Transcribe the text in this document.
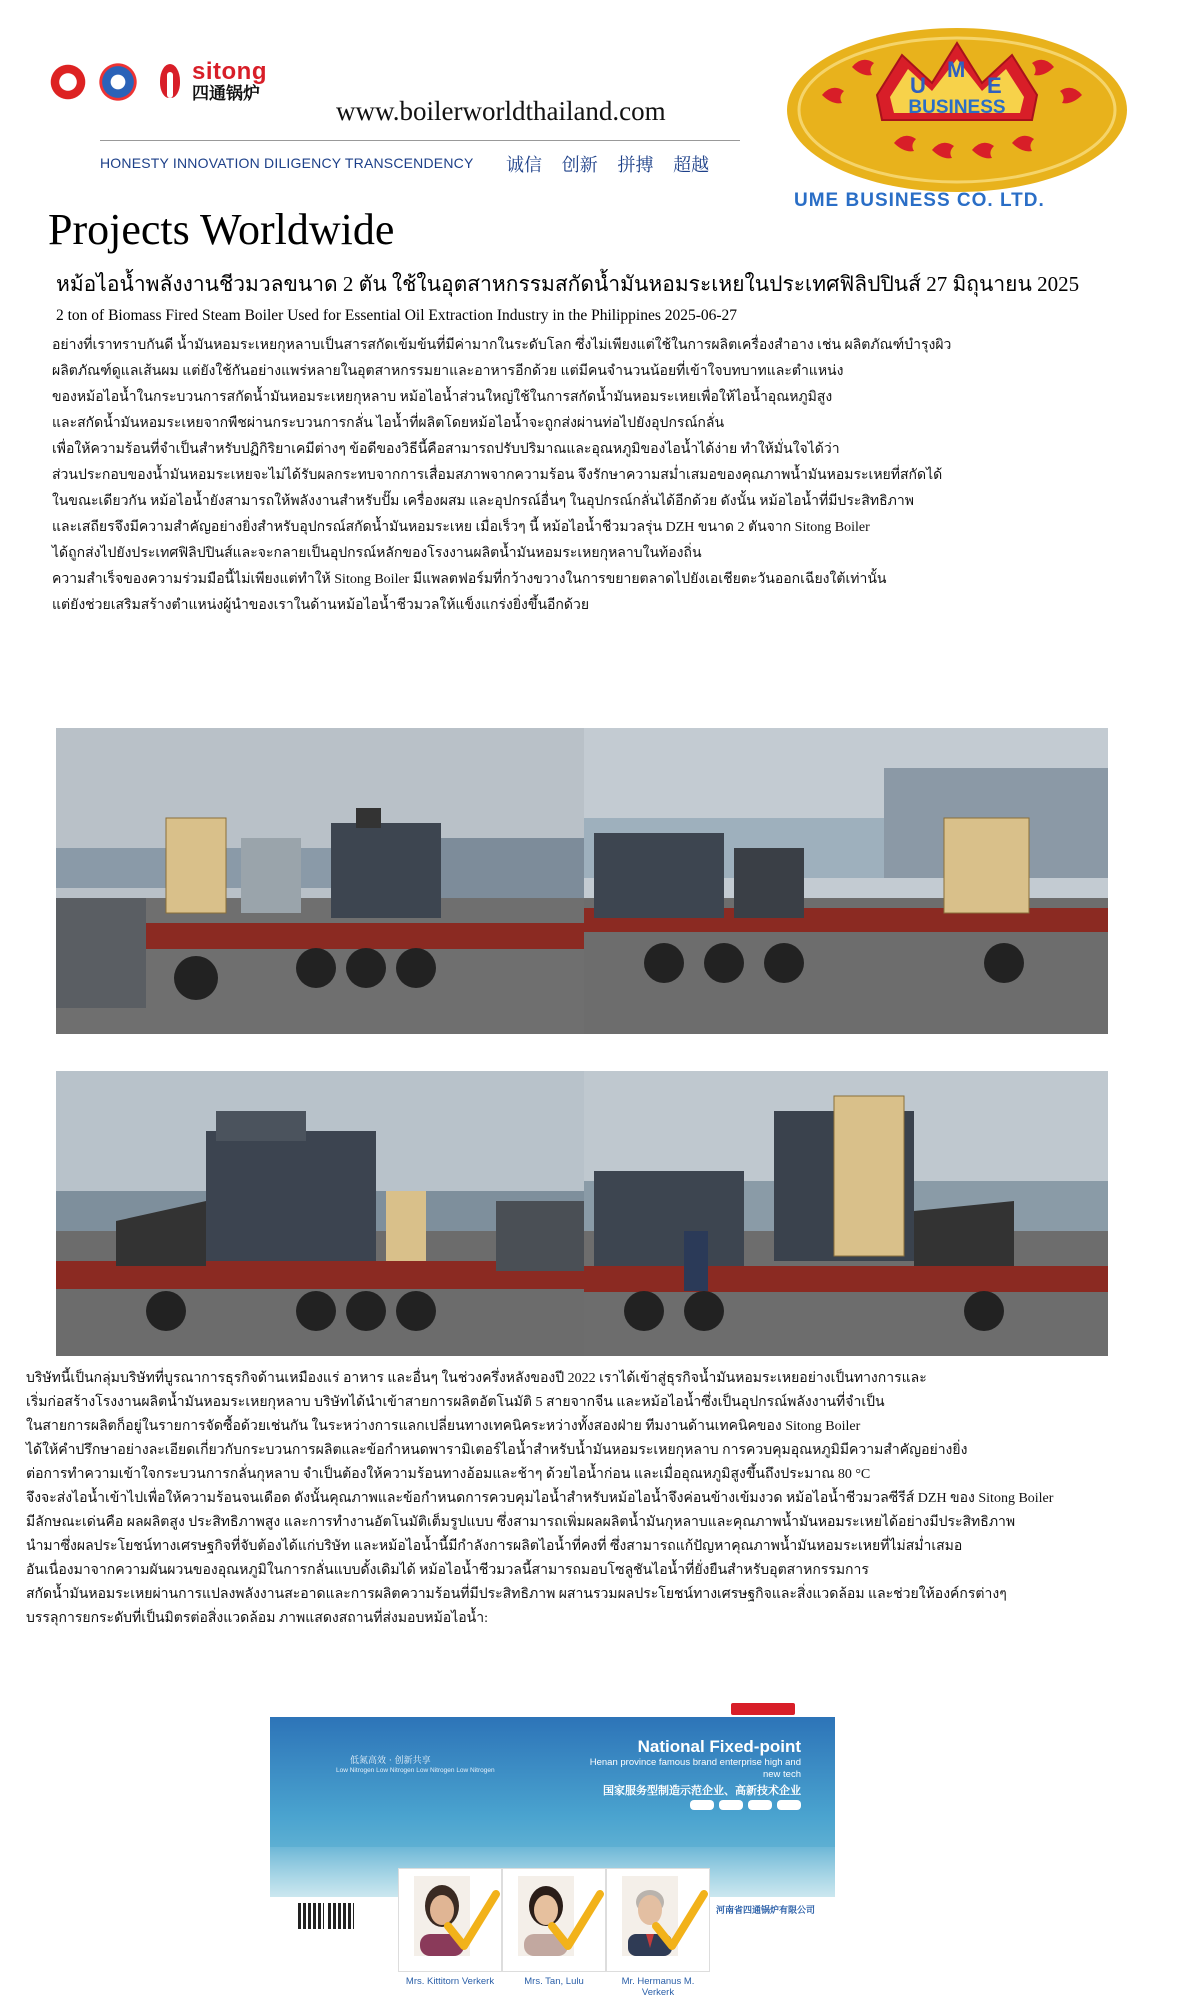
sitong
四通锅炉
www.boilerworldthailand.com
HONESTY INNOVATION DILIGENCY TRANSCENDENCY 诚信 创新 拼搏 超越
U
M
E
BUSINESS
UME BUSINESS CO. LTD.
Projects Worldwide
หม้อไอน้ำพลังงานชีวมวลขนาด 2 ตัน ใช้ในอุตสาหกรรมสกัดน้ำมันหอมระเหยในประเทศฟิลิปปินส์ 27 มิถุนายน 2025
2 ton of Biomass Fired Steam Boiler Used for Essential Oil Extraction Industry in the Philippines 2025-06-27
อย่างที่เราทราบกันดี น้ำมันหอมระเหยกุหลาบเป็นสารสกัดเข้มข้นที่มีค่ามากในระดับโลก ซึ่งไม่เพียงแต่ใช้ในการผลิตเครื่องสำอาง เช่น ผลิตภัณฑ์บำรุงผิว
ผลิตภัณฑ์ดูแลเส้นผม แต่ยังใช้กันอย่างแพร่หลายในอุตสาหกรรมยาและอาหารอีกด้วย แต่มีคนจำนวนน้อยที่เข้าใจบทบาทและตำแหน่ง
ของหม้อไอน้ำในกระบวนการสกัดน้ำมันหอมระเหยกุหลาบ หม้อไอน้ำส่วนใหญ่ใช้ในการสกัดน้ำมันหอมระเหยเพื่อให้ไอน้ำอุณหภูมิสูง
และสกัดน้ำมันหอมระเหยจากพืชผ่านกระบวนการกลั่น ไอน้ำที่ผลิตโดยหม้อไอน้ำจะถูกส่งผ่านท่อไปยังอุปกรณ์กลั่น
เพื่อให้ความร้อนที่จำเป็นสำหรับปฏิกิริยาเคมีต่างๆ ข้อดีของวิธีนี้คือสามารถปรับปริมาณและอุณหภูมิของไอน้ำได้ง่าย ทำให้มั่นใจได้ว่า
ส่วนประกอบของน้ำมันหอมระเหยจะไม่ได้รับผลกระทบจากการเสื่อมสภาพจากความร้อน จึงรักษาความสม่ำเสมอของคุณภาพน้ำมันหอมระเหยที่สกัดได้
ในขณะเดียวกัน หม้อไอน้ำยังสามารถให้พลังงานสำหรับปั๊ม เครื่องผสม และอุปกรณ์อื่นๆ ในอุปกรณ์กลั่นได้อีกด้วย ดังนั้น หม้อไอน้ำที่มีประสิทธิภาพ
และเสถียรจึงมีความสำคัญอย่างยิ่งสำหรับอุปกรณ์สกัดน้ำมันหอมระเหย เมื่อเร็วๆ นี้ หม้อไอน้ำชีวมวลรุ่น DZH ขนาด 2 ตันจาก Sitong Boiler
ได้ถูกส่งไปยังประเทศฟิลิปปินส์และจะกลายเป็นอุปกรณ์หลักของโรงงานผลิตน้ำมันหอมระเหยกุหลาบในท้องถิ่น
ความสำเร็จของความร่วมมือนี้ไม่เพียงแต่ทำให้ Sitong Boiler มีแพลตฟอร์มที่กว้างขวางในการขยายตลาดไปยังเอเชียตะวันออกเฉียงใต้เท่านั้น
แต่ยังช่วยเสริมสร้างตำแหน่งผู้นำของเราในด้านหม้อไอน้ำชีวมวลให้แข็งแกร่งยิ่งขึ้นอีกด้วย
บริษัทนี้เป็นกลุ่มบริษัทที่บูรณาการธุรกิจด้านเหมืองแร่ อาหาร และอื่นๆ ในช่วงครึ่งหลังของปี 2022 เราได้เข้าสู่ธุรกิจน้ำมันหอมระเหยอย่างเป็นทางการและ
เริ่มก่อสร้างโรงงานผลิตน้ำมันหอมระเหยกุหลาบ บริษัทได้นำเข้าสายการผลิตอัตโนมัติ 5 สายจากจีน และหม้อไอน้ำซึ่งเป็นอุปกรณ์พลังงานที่จำเป็น
ในสายการผลิตก็อยู่ในรายการจัดซื้อด้วยเช่นกัน ในระหว่างการแลกเปลี่ยนทางเทคนิคระหว่างทั้งสองฝ่าย ทีมงานด้านเทคนิคของ Sitong Boiler
ได้ให้คำปรึกษาอย่างละเอียดเกี่ยวกับกระบวนการผลิตและข้อกำหนดพารามิเตอร์ไอน้ำสำหรับน้ำมันหอมระเหยกุหลาบ การควบคุมอุณหภูมิมีความสำคัญอย่างยิ่ง
ต่อการทำความเข้าใจกระบวนการกลั่นกุหลาบ จำเป็นต้องให้ความร้อนทางอ้อมและช้าๆ ด้วยไอน้ำก่อน และเมื่ออุณหภูมิสูงขึ้นถึงประมาณ 80 °C
จึงจะส่งไอน้ำเข้าไปเพื่อให้ความร้อนจนเดือด ดังนั้นคุณภาพและข้อกำหนดการควบคุมไอน้ำสำหรับหม้อไอน้ำจึงค่อนข้างเข้มงวด หม้อไอน้ำชีวมวลซีรีส์ DZH ของ Sitong Boiler
มีลักษณะเด่นคือ ผลผลิตสูง ประสิทธิภาพสูง และการทำงานอัตโนมัติเต็มรูปแบบ ซึ่งสามารถเพิ่มผลผลิตน้ำมันกุหลาบและคุณภาพน้ำมันหอมระเหยได้อย่างมีประสิทธิภาพ
นำมาซึ่งผลประโยชน์ทางเศรษฐกิจที่จับต้องได้แก่บริษัท และหม้อไอน้ำนี้มีกำลังการผลิตไอน้ำที่คงที่ ซึ่งสามารถแก้ปัญหาคุณภาพน้ำมันหอมระเหยที่ไม่สม่ำเสมอ
อันเนื่องมาจากความผันผวนของอุณหภูมิในการกลั่นแบบดั้งเดิมได้ หม้อไอน้ำชีวมวลนี้สามารถมอบโซลูชันไอน้ำที่ยั่งยืนสำหรับอุตสาหกรรมการ
สกัดน้ำมันหอมระเหยผ่านการแปลงพลังงานสะอาดและการผลิตความร้อนที่มีประสิทธิภาพ ผสานรวมผลประโยชน์ทางเศรษฐกิจและสิ่งแวดล้อม และช่วยให้องค์กรต่างๆ
บรรลุการยกระดับที่เป็นมิตรต่อสิ่งแวดล้อม ภาพแสดงสถานที่ส่งมอบหม้อไอน้ำ:
低氮高效 · 创新共享
Low Nitrogen Low Nitrogen Low Nitrogen Low Nitrogen
National Fixed-point
Henan province famous brand enterprise high and new tech
国家服务型制造示范企业、高新技术企业
河南省四通锅炉有限公司
Mrs. Kittitorn Verkerk	Mrs. Tan, Lulu	Mr. Hermanus M. Verkerk
